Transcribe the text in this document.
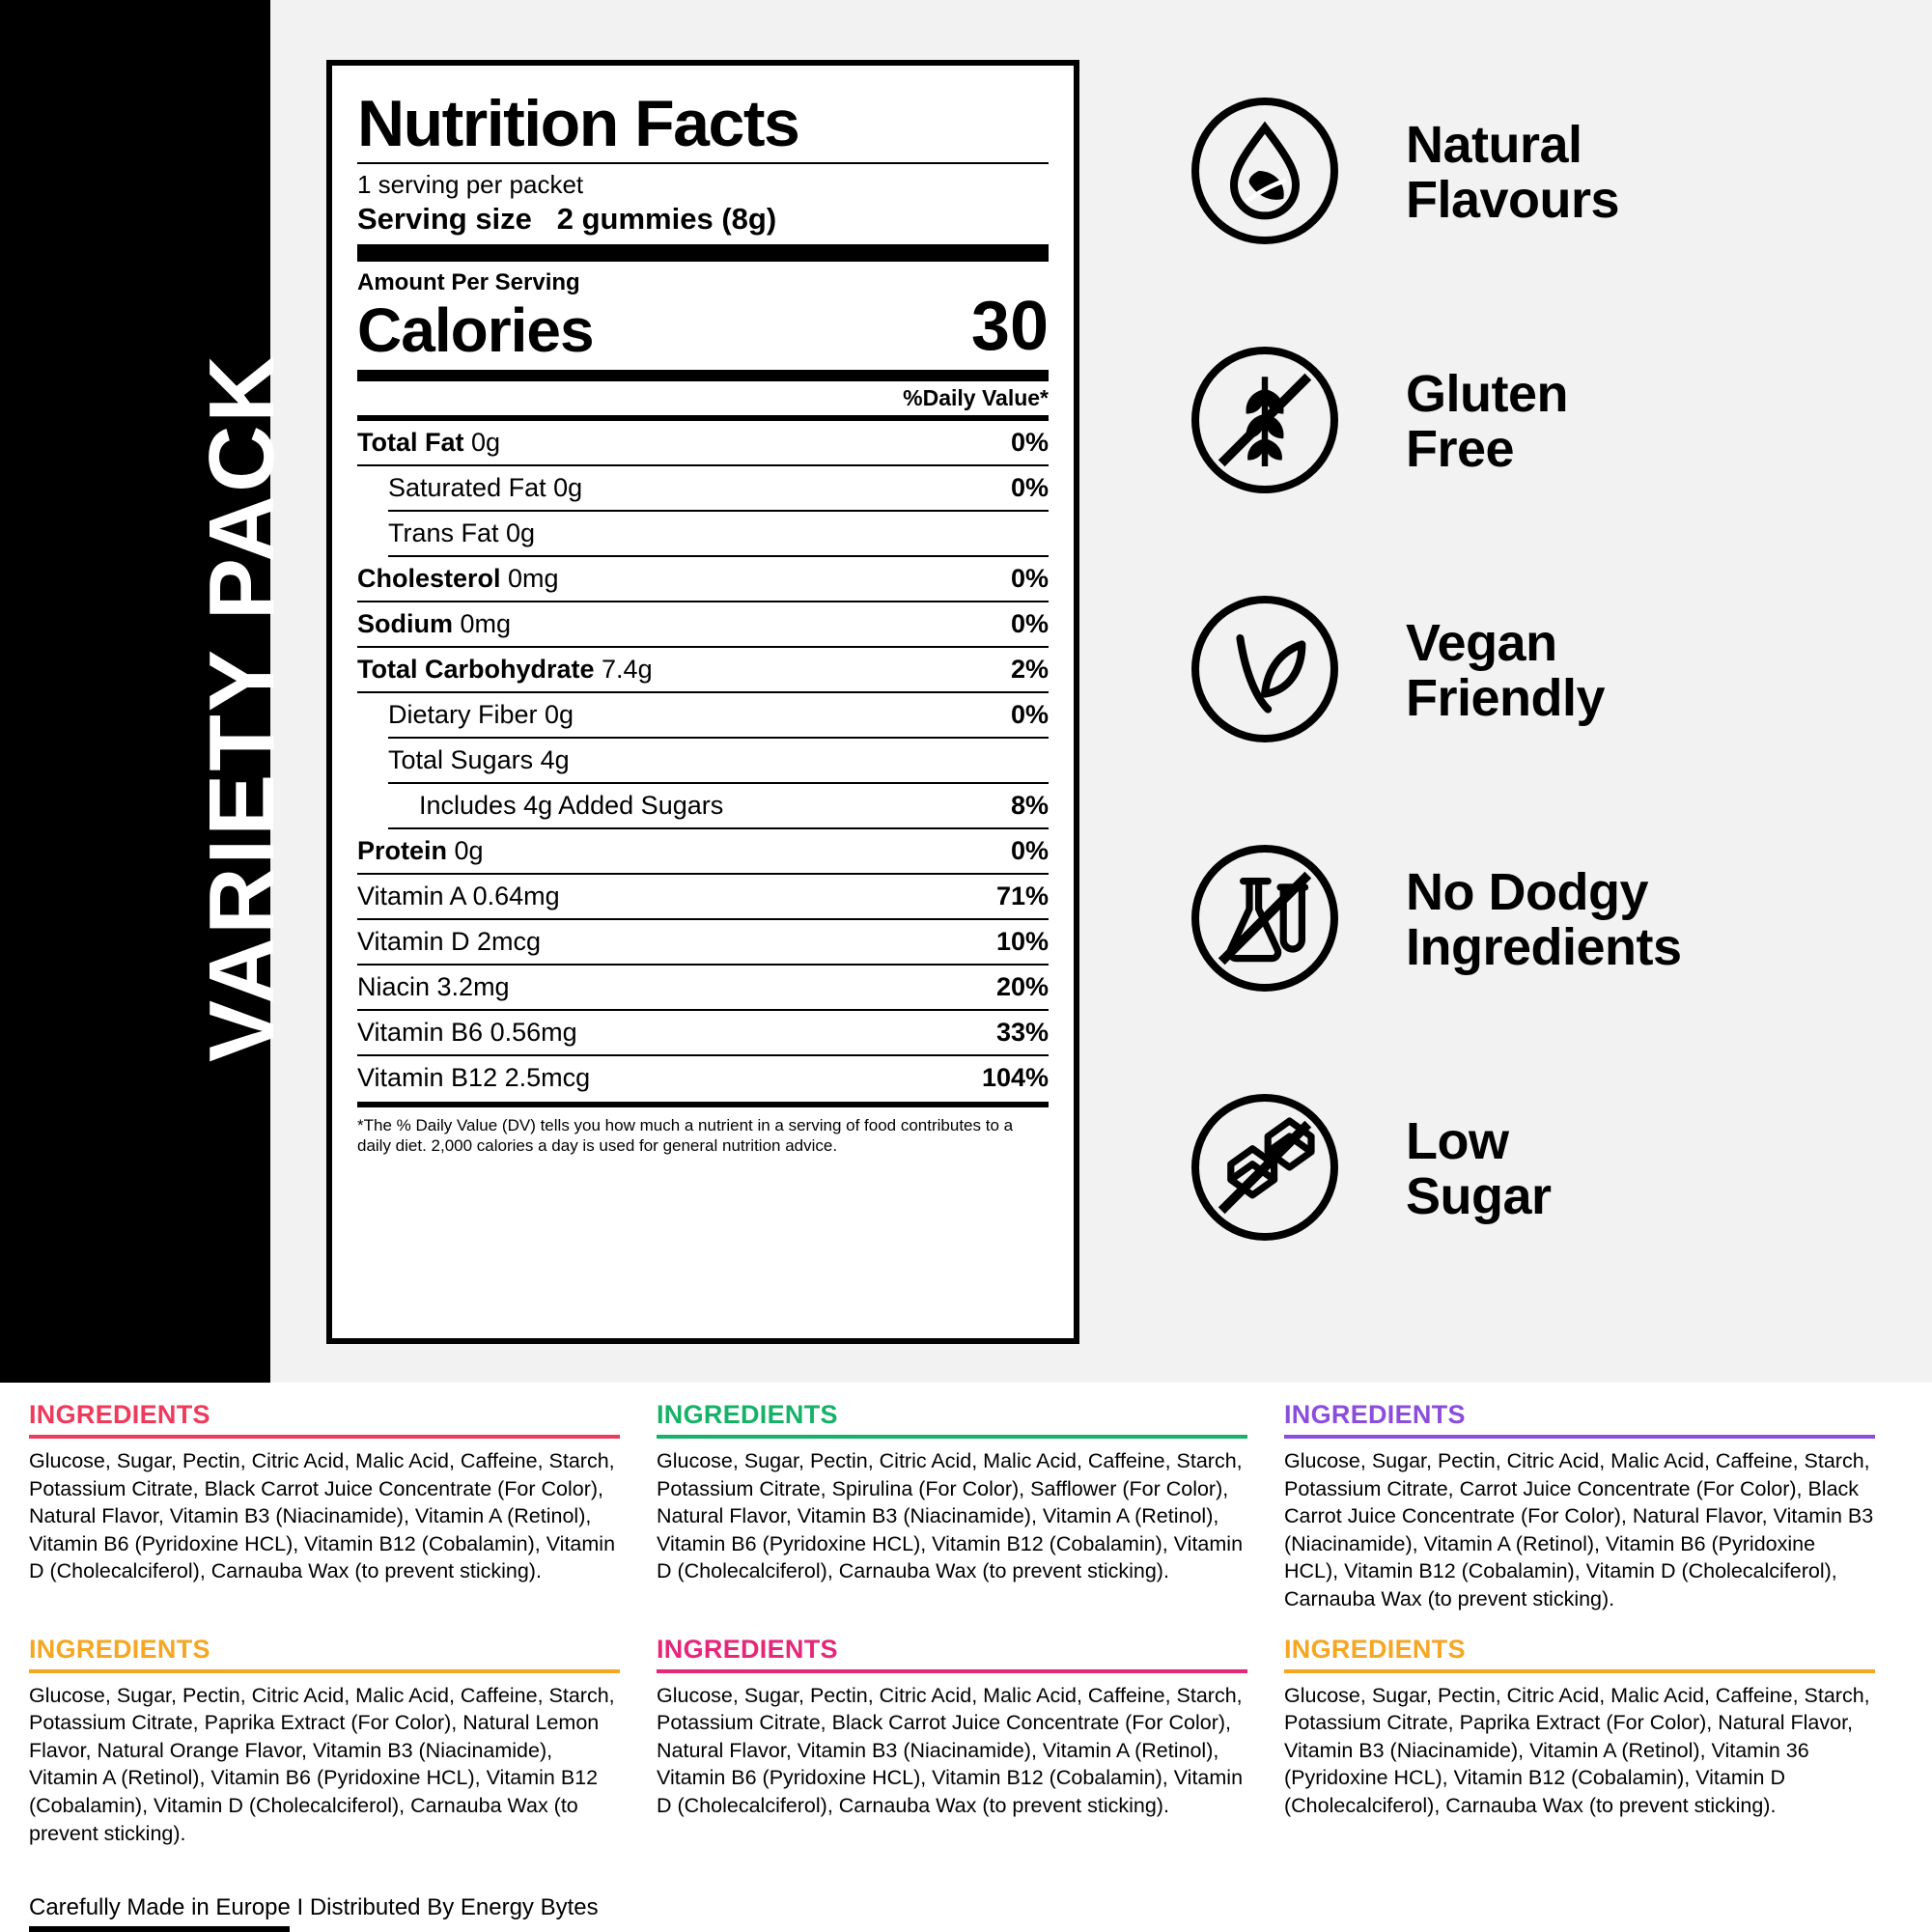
VARIETY PACK
Nutrition Facts
1 serving per packet
Serving size 2 gummies (8g)
Amount Per Serving
Calories	30
%Daily Value*
Total Fat 0g	0%
Saturated Fat 0g	0%
Trans Fat 0g
Cholesterol 0mg	0%
Sodium 0mg	0%
Total Carbohydrate 7.4g	2%
Dietary Fiber 0g	0%
Total Sugars 4g
Includes 4g Added Sugars	8%
Protein 0g	0%
Vitamin A 0.64mg	71%
Vitamin D 2mcg	10%
Niacin 3.2mg	20%
Vitamin B6 0.56mg	33%
Vitamin B12 2.5mcg	104%
*The % Daily Value (DV) tells you how much a nutrient in a serving of food contributes to a daily diet. 2,000 calories a day is used for general nutrition advice.
Natural
Flavours
Gluten
Free
Vegan
Friendly
No Dodgy
Ingredients
Low
Sugar
INGREDIENTS
Glucose, Sugar, Pectin, Citric Acid, Malic Acid, Caffeine, Starch, Potassium Citrate, Black Carrot Juice Concentrate (For Color), Natural Flavor, Vitamin B3 (Niacinamide), Vitamin A (Retinol), Vitamin B6 (Pyridoxine HCL), Vitamin B12 (Cobalamin), Vitamin D (Cholecalciferol), Carnauba Wax (to prevent sticking).
INGREDIENTS
Glucose, Sugar, Pectin, Citric Acid, Malic Acid, Caffeine, Starch, Potassium Citrate, Spirulina (For Color), Safflower (For Color), Natural Flavor, Vitamin B3 (Niacinamide), Vitamin A (Retinol), Vitamin B6 (Pyridoxine HCL), Vitamin B12 (Cobalamin), Vitamin D (Cholecalciferol), Carnauba Wax (to prevent sticking).
INGREDIENTS
Glucose, Sugar, Pectin, Citric Acid, Malic Acid, Caffeine, Starch, Potassium Citrate, Carrot Juice Concentrate (For Color), Black Carrot Juice Concentrate (For Color), Natural Flavor, Vitamin B3 (Niacinamide), Vitamin A (Retinol), Vitamin B6 (Pyridoxine HCL), Vitamin B12 (Cobalamin), Vitamin D (Cholecalciferol), Carnauba Wax (to prevent sticking).
INGREDIENTS
Glucose, Sugar, Pectin, Citric Acid, Malic Acid, Caffeine, Starch, Potassium Citrate, Paprika Extract (For Color), Natural Lemon Flavor, Natural Orange Flavor, Vitamin B3 (Niacinamide), Vitamin A (Retinol), Vitamin B6 (Pyridoxine HCL), Vitamin B12 (Cobalamin), Vitamin D (Cholecalciferol), Carnauba Wax (to prevent sticking).
INGREDIENTS
Glucose, Sugar, Pectin, Citric Acid, Malic Acid, Caffeine, Starch, Potassium Citrate, Black Carrot Juice Concentrate (For Color), Natural Flavor, Vitamin B3 (Niacinamide), Vitamin A (Retinol), Vitamin B6 (Pyridoxine HCL), Vitamin B12 (Cobalamin), Vitamin D (Cholecalciferol), Carnauba Wax (to prevent sticking).
INGREDIENTS
Glucose, Sugar, Pectin, Citric Acid, Malic Acid, Caffeine, Starch, Potassium Citrate, Paprika Extract (For Color), Natural Flavor, Vitamin B3 (Niacinamide), Vitamin A (Retinol), Vitamin 36 (Pyridoxine HCL), Vitamin B12 (Cobalamin), Vitamin D (Cholecalciferol), Carnauba Wax (to prevent sticking).
Carefully Made in Europe I Distributed By Energy Bytes
